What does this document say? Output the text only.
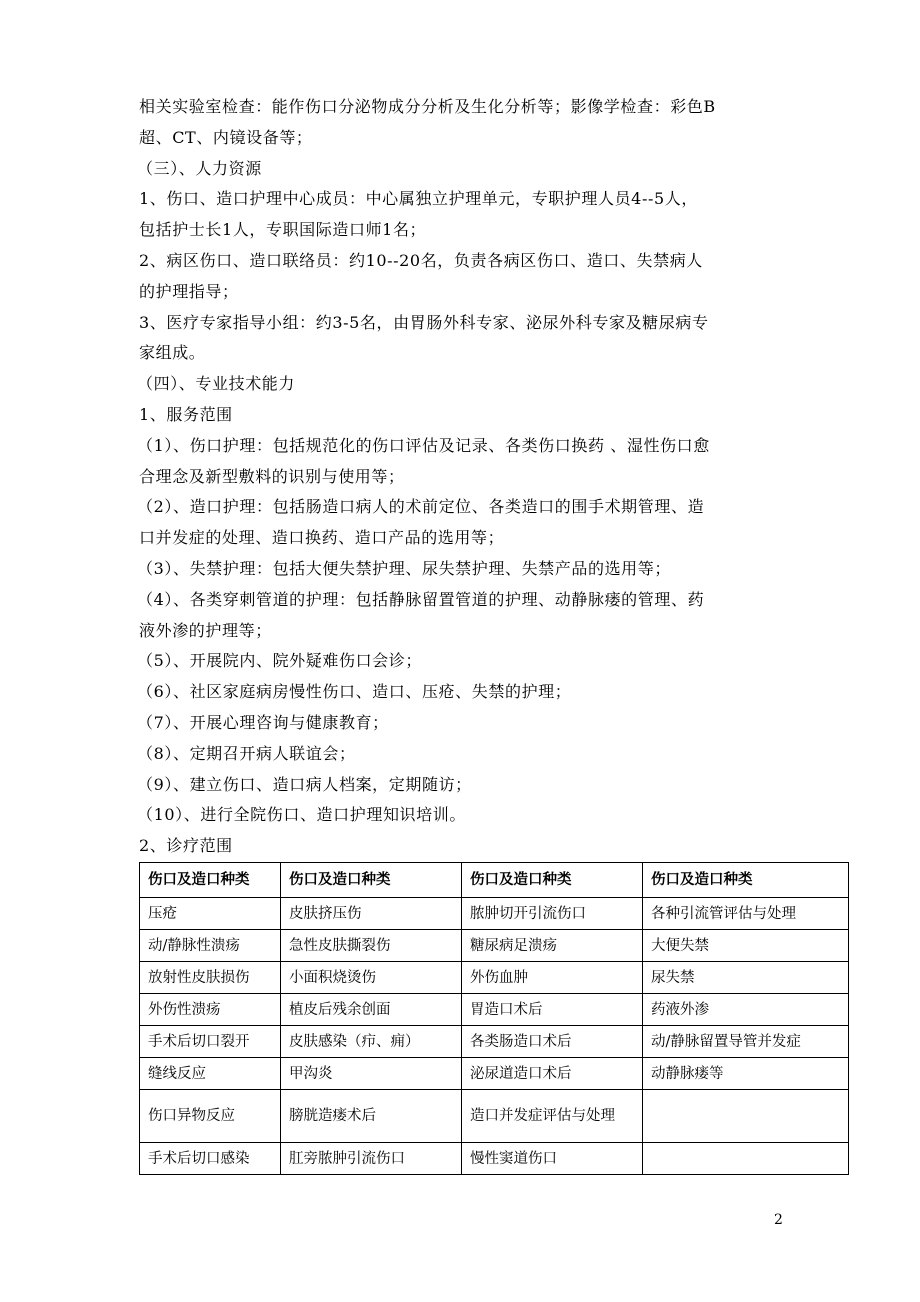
相关实验室检查：能作伤口分泌物成分分析及生化分析等；影像学检查：彩色B

超、CT、内镜设备等；

（三）、人力资源

1、伤口、造口护理中心成员：中心属独立护理单元，专职护理人员4--5人，

包括护士长1人，专职国际造口师1名；

2、病区伤口、造口联络员：约10--20名，负责各病区伤口、造口、失禁病人

的护理指导；

3、医疗专家指导小组：约3-5名，由胃肠外科专家、泌尿外科专家及糖尿病专

家组成。

（四）、专业技术能力

1、服务范围

（1）、伤口护理：包括规范化的伤口评估及记录、各类伤口换药 、湿性伤口愈

合理念及新型敷料的识别与使用等；

（2）、造口护理：包括肠造口病人的术前定位、各类造口的围手术期管理、造

口并发症的处理、造口换药、造口产品的选用等；

（3）、失禁护理：包括大便失禁护理、尿失禁护理、失禁产品的选用等；

（4）、各类穿刺管道的护理：包括静脉留置管道的护理、动静脉瘘的管理、药

液外渗的护理等；

（5）、开展院内、院外疑难伤口会诊；

（6）、社区家庭病房慢性伤口、造口、压疮、失禁的护理；

（7）、开展心理咨询与健康教育；

（8）、定期召开病人联谊会；

（9）、建立伤口、造口病人档案，定期随访；

（10）、进行全院伤口、造口护理知识培训。

2、诊疗范围

伤口及造口种类	伤口及造口种类	伤口及造口种类	伤口及造口种类
压疮	皮肤挤压伤	脓肿切开引流伤口	各种引流管评估与处理
动/静脉性溃疡	急性皮肤撕裂伤	糖尿病足溃疡	大便失禁
放射性皮肤损伤	小面积烧烫伤	外伤血肿	尿失禁
外伤性溃疡	植皮后残余创面	胃造口术后	药液外渗
手术后切口裂开	皮肤感染（疖、痈）	各类肠造口术后	动/静脉留置导管并发症
缝线反应	甲沟炎	泌尿道造口术后	动静脉瘘等
伤口异物反应	膀胱造瘘术后	造口并发症评估与处理	
手术后切口感染	肛旁脓肿引流伤口	慢性窦道伤口	
2
